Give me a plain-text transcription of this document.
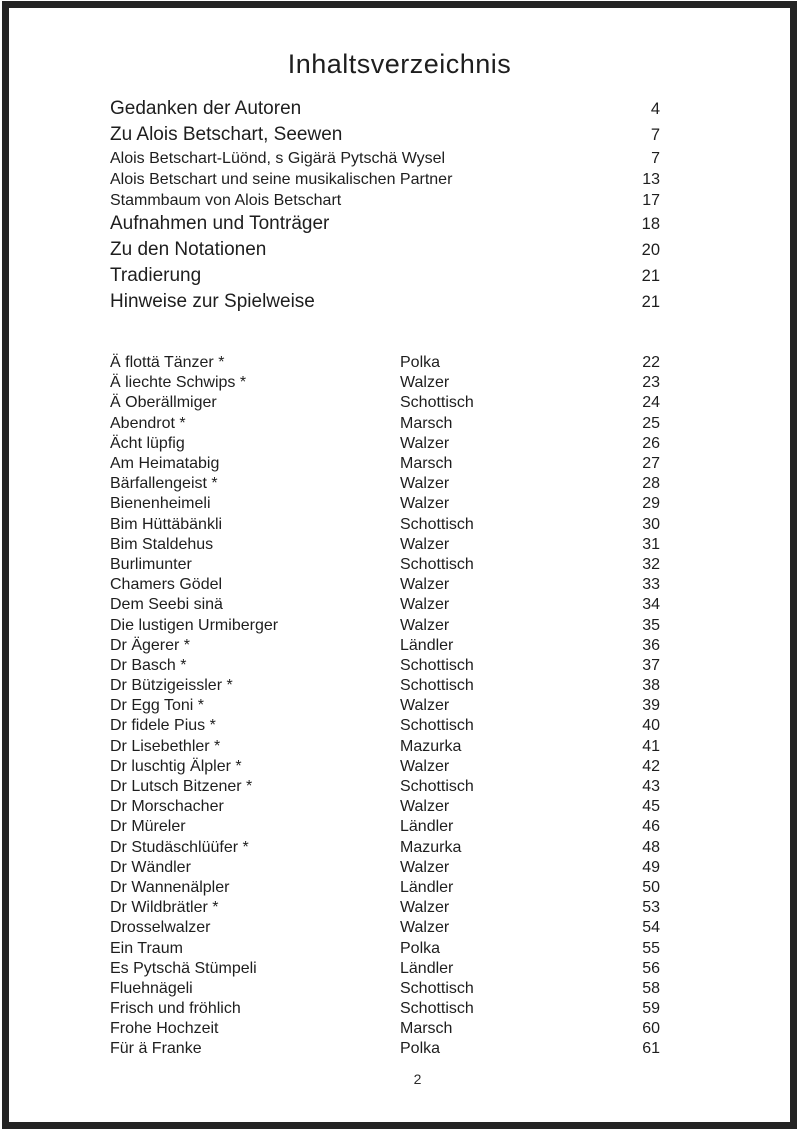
Inhaltsverzeichnis
Gedanken der Autoren	4
Zu Alois Betschart, Seewen	7
Alois Betschart-Lüönd, s Gigärä Pytschä Wysel	7
Alois Betschart und seine musikalischen Partner	13
Stammbaum von Alois Betschart	17
Aufnahmen und Tonträger	18
Zu den Notationen	20
Tradierung	21
Hinweise zur Spielweise	21
Ä flottä Tänzer *	Polka	22
Ä liechte Schwips *	Walzer	23
Ä Oberällmiger	Schottisch	24
Abendrot *	Marsch	25
Ächt lüpfig	Walzer	26
Am Heimatabig	Marsch	27
Bärfallengeist *	Walzer	28
Bienenheimeli	Walzer	29
Bim Hüttäbänkli	Schottisch	30
Bim Staldehus	Walzer	31
Burlimunter	Schottisch	32
Chamers Gödel	Walzer	33
Dem Seebi sinä	Walzer	34
Die lustigen Urmiberger	Walzer	35
Dr Ägerer *	Ländler	36
Dr Basch *	Schottisch	37
Dr Bützigeissler *	Schottisch	38
Dr Egg Toni *	Walzer	39
Dr fidele Pius *	Schottisch	40
Dr Lisebethler *	Mazurka	41
Dr luschtig Älpler *	Walzer	42
Dr Lutsch Bitzener *	Schottisch	43
Dr Morschacher	Walzer	45
Dr Müreler	Ländler	46
Dr Studäschlüüfer *	Mazurka	48
Dr Wändler	Walzer	49
Dr Wannenälpler	Ländler	50
Dr Wildbrätler *	Walzer	53
Drosselwalzer	Walzer	54
Ein Traum	Polka	55
Es Pytschä Stümpeli	Ländler	56
Fluehnägeli	Schottisch	58
Frisch und fröhlich	Schottisch	59
Frohe Hochzeit	Marsch	60
Für ä Franke	Polka	61
2
